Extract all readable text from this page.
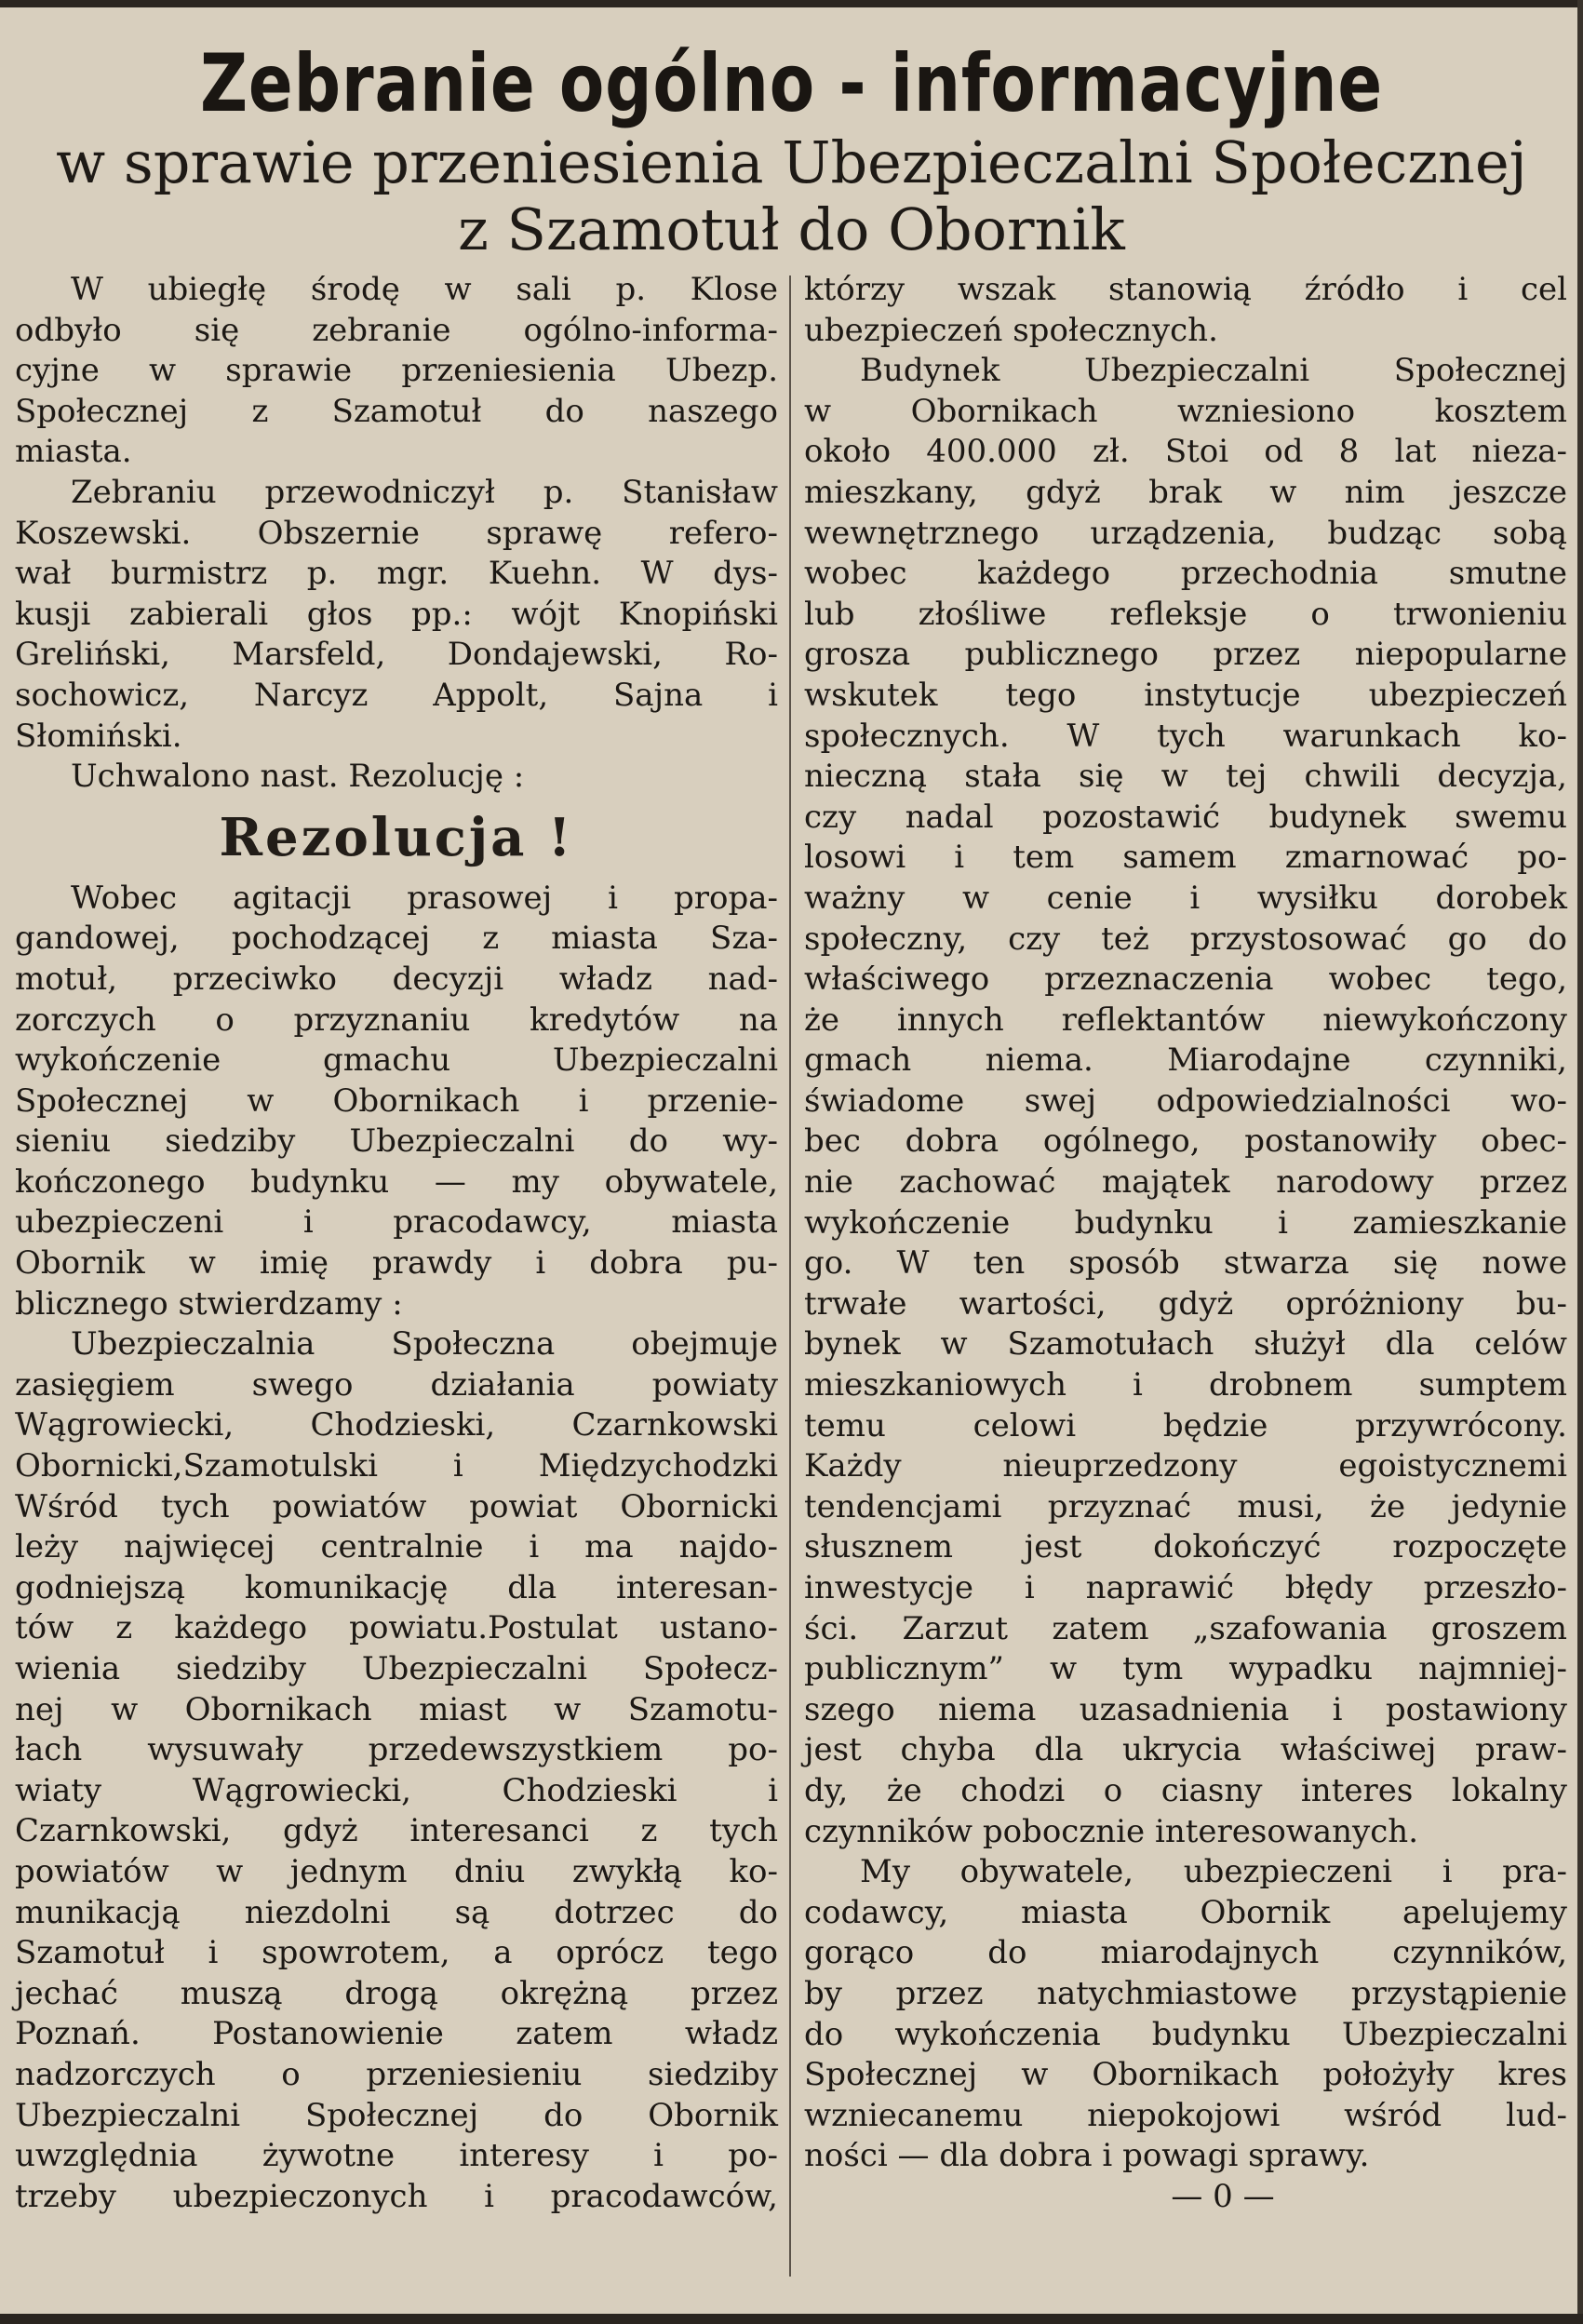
Zebranie ogólno - informacyjne
w sprawie przeniesienia Ubezpieczalni Społecznej
z Szamotuł do Obornik
W ubiegłę środę w sali p. Klose
odbyło się zebranie ogólno-informa-
cyjne w sprawie przeniesienia Ubezp.
Społecznej z Szamotuł do naszego
miasta.
Zebraniu przewodniczył p. Stanisław
Koszewski. Obszernie sprawę refero-
wał burmistrz p. mgr. Kuehn. W dys-
kusji zabierali głos pp.: wójt Knopiński
Greliński, Marsfeld, Dondajewski, Ro-
sochowicz, Narcyz Appolt, Sajna i
Słomiński.
Uchwalono nast. Rezolucję :
Rezolucja !
Wobec agitacji prasowej i propa-
gandowej, pochodzącej z miasta Sza-
motuł, przeciwko decyzji władz nad-
zorczych o przyznaniu kredytów na
wykończenie gmachu Ubezpieczalni
Społecznej w Obornikach i przenie-
sieniu siedziby Ubezpieczalni do wy-
kończonego budynku — my obywatele,
ubezpieczeni i pracodawcy, miasta
Obornik w imię prawdy i dobra pu-
blicznego stwierdzamy :
Ubezpieczalnia Społeczna obejmuje
zasięgiem swego działania powiaty
Wągrowiecki, Chodzieski, Czarnkowski
Obornicki,Szamotulski i Międzychodzki
Wśród tych powiatów powiat Obornicki
leży najwięcej centralnie i ma najdo-
godniejszą komunikację dla interesan-
tów z każdego powiatu.Postulat ustano-
wienia siedziby Ubezpieczalni Społecz-
nej w Obornikach miast w Szamotu-
łach wysuwały przedewszystkiem po-
wiaty Wągrowiecki, Chodzieski i
Czarnkowski, gdyż interesanci z tych
powiatów w jednym dniu zwykłą ko-
munikacją niezdolni są dotrzec do
Szamotuł i spowrotem, a oprócz tego
jechać muszą drogą okrężną przez
Poznań. Postanowienie zatem władz
nadzorczych o przeniesieniu siedziby
Ubezpieczalni Społecznej do Obornik
uwzględnia żywotne interesy i po-
trzeby ubezpieczonych i pracodawców,
którzy wszak stanowią źródło i cel
ubezpieczeń społecznych.
Budynek Ubezpieczalni Społecznej
w Obornikach wzniesiono kosztem
około 400.000 zł. Stoi od 8 lat nieza-
mieszkany, gdyż brak w nim jeszcze
wewnętrznego urządzenia, budząc sobą
wobec każdego przechodnia smutne
lub złośliwe refleksje o trwonieniu
grosza publicznego przez niepopularne
wskutek tego instytucje ubezpieczeń
społecznych. W tych warunkach ko-
nieczną stała się w tej chwili decyzja,
czy nadal pozostawić budynek swemu
losowi i tem samem zmarnować po-
ważny w cenie i wysiłku dorobek
społeczny, czy też przystosować go do
właściwego przeznaczenia wobec tego,
że innych reflektantów niewykończony
gmach niema. Miarodajne czynniki,
świadome swej odpowiedzialności wo-
bec dobra ogólnego, postanowiły obec-
nie zachować majątek narodowy przez
wykończenie budynku i zamieszkanie
go. W ten sposób stwarza się nowe
trwałe wartości, gdyż opróżniony bu-
bynek w Szamotułach służył dla celów
mieszkaniowych i drobnem sumptem
temu celowi będzie przywrócony.
Każdy nieuprzedzony egoistycznemi
tendencjami przyznać musi, że jedynie
słusznem jest dokończyć rozpoczęte
inwestycje i naprawić błędy przeszło-
ści. Zarzut zatem „szafowania groszem
publicznym” w tym wypadku najmniej-
szego niema uzasadnienia i postawiony
jest chyba dla ukrycia właściwej praw-
dy, że chodzi o ciasny interes lokalny
czynników pobocznie interesowanych.
My obywatele, ubezpieczeni i pra-
codawcy, miasta Obornik apelujemy
gorąco do miarodajnych czynników,
by przez natychmiastowe przystąpienie
do wykończenia budynku Ubezpieczalni
Społecznej w Obornikach położyły kres
wzniecanemu niepokojowi wśród lud-
ności — dla dobra i powagi sprawy.
— 0 —
